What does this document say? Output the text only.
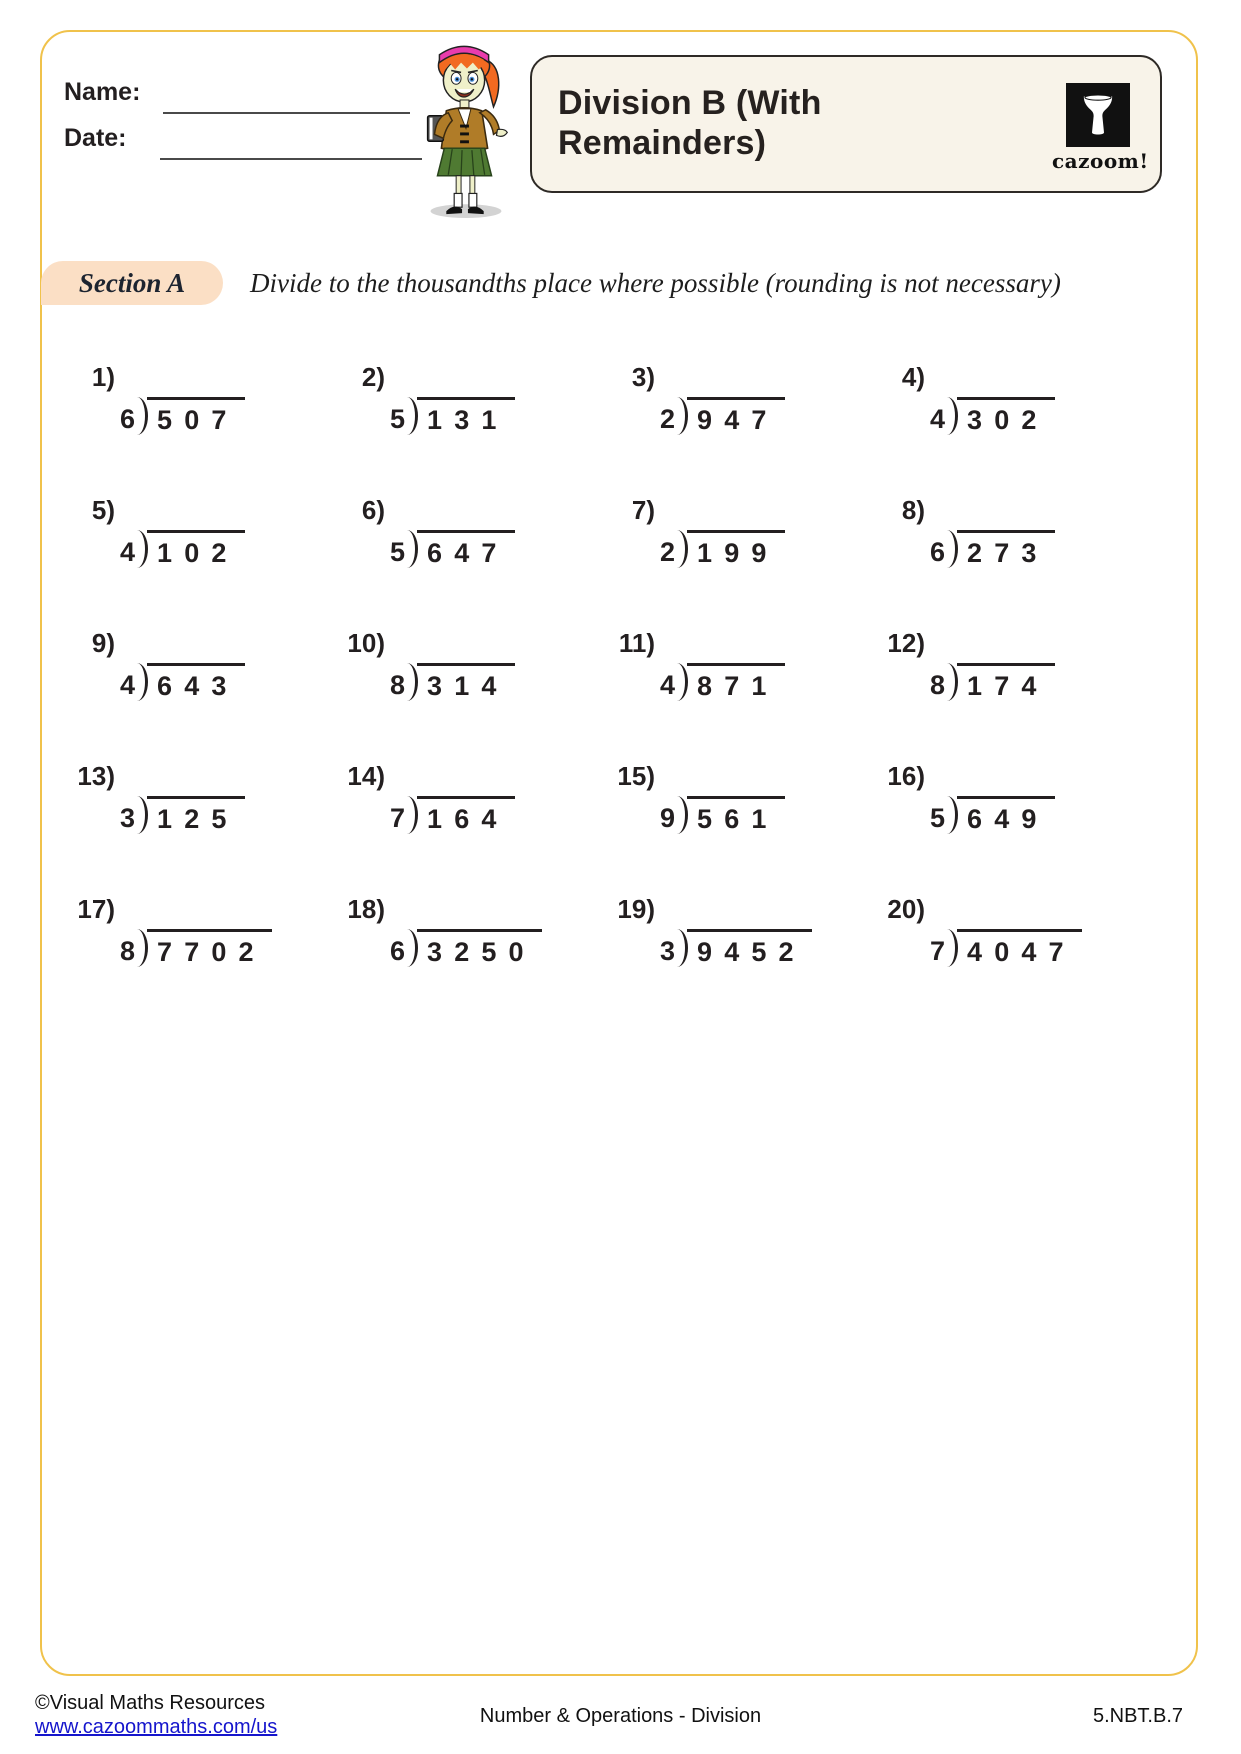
Name:
Date:
Division B (With Remainders)	cazoom!
Section A Divide to the thousandths place where possible (rounding is not necessary)
1)
6 507
2)
5 131
3)
2 947
4)
4 302
5)
4 102
6)
5 647
7)
2 199
8)
6 273
9)
4 643
10)
8 314
11)
4 871
12)
8 174
13)
3 125
14)
7 164
15)
9 561
16)
5 649
17)
8 7702
18)
6 3250
19)
3 9452
20)
7 4047
©Visual Maths Resources
www.cazoommaths.com/us	Number & Operations - Division	5.NBT.B.7
